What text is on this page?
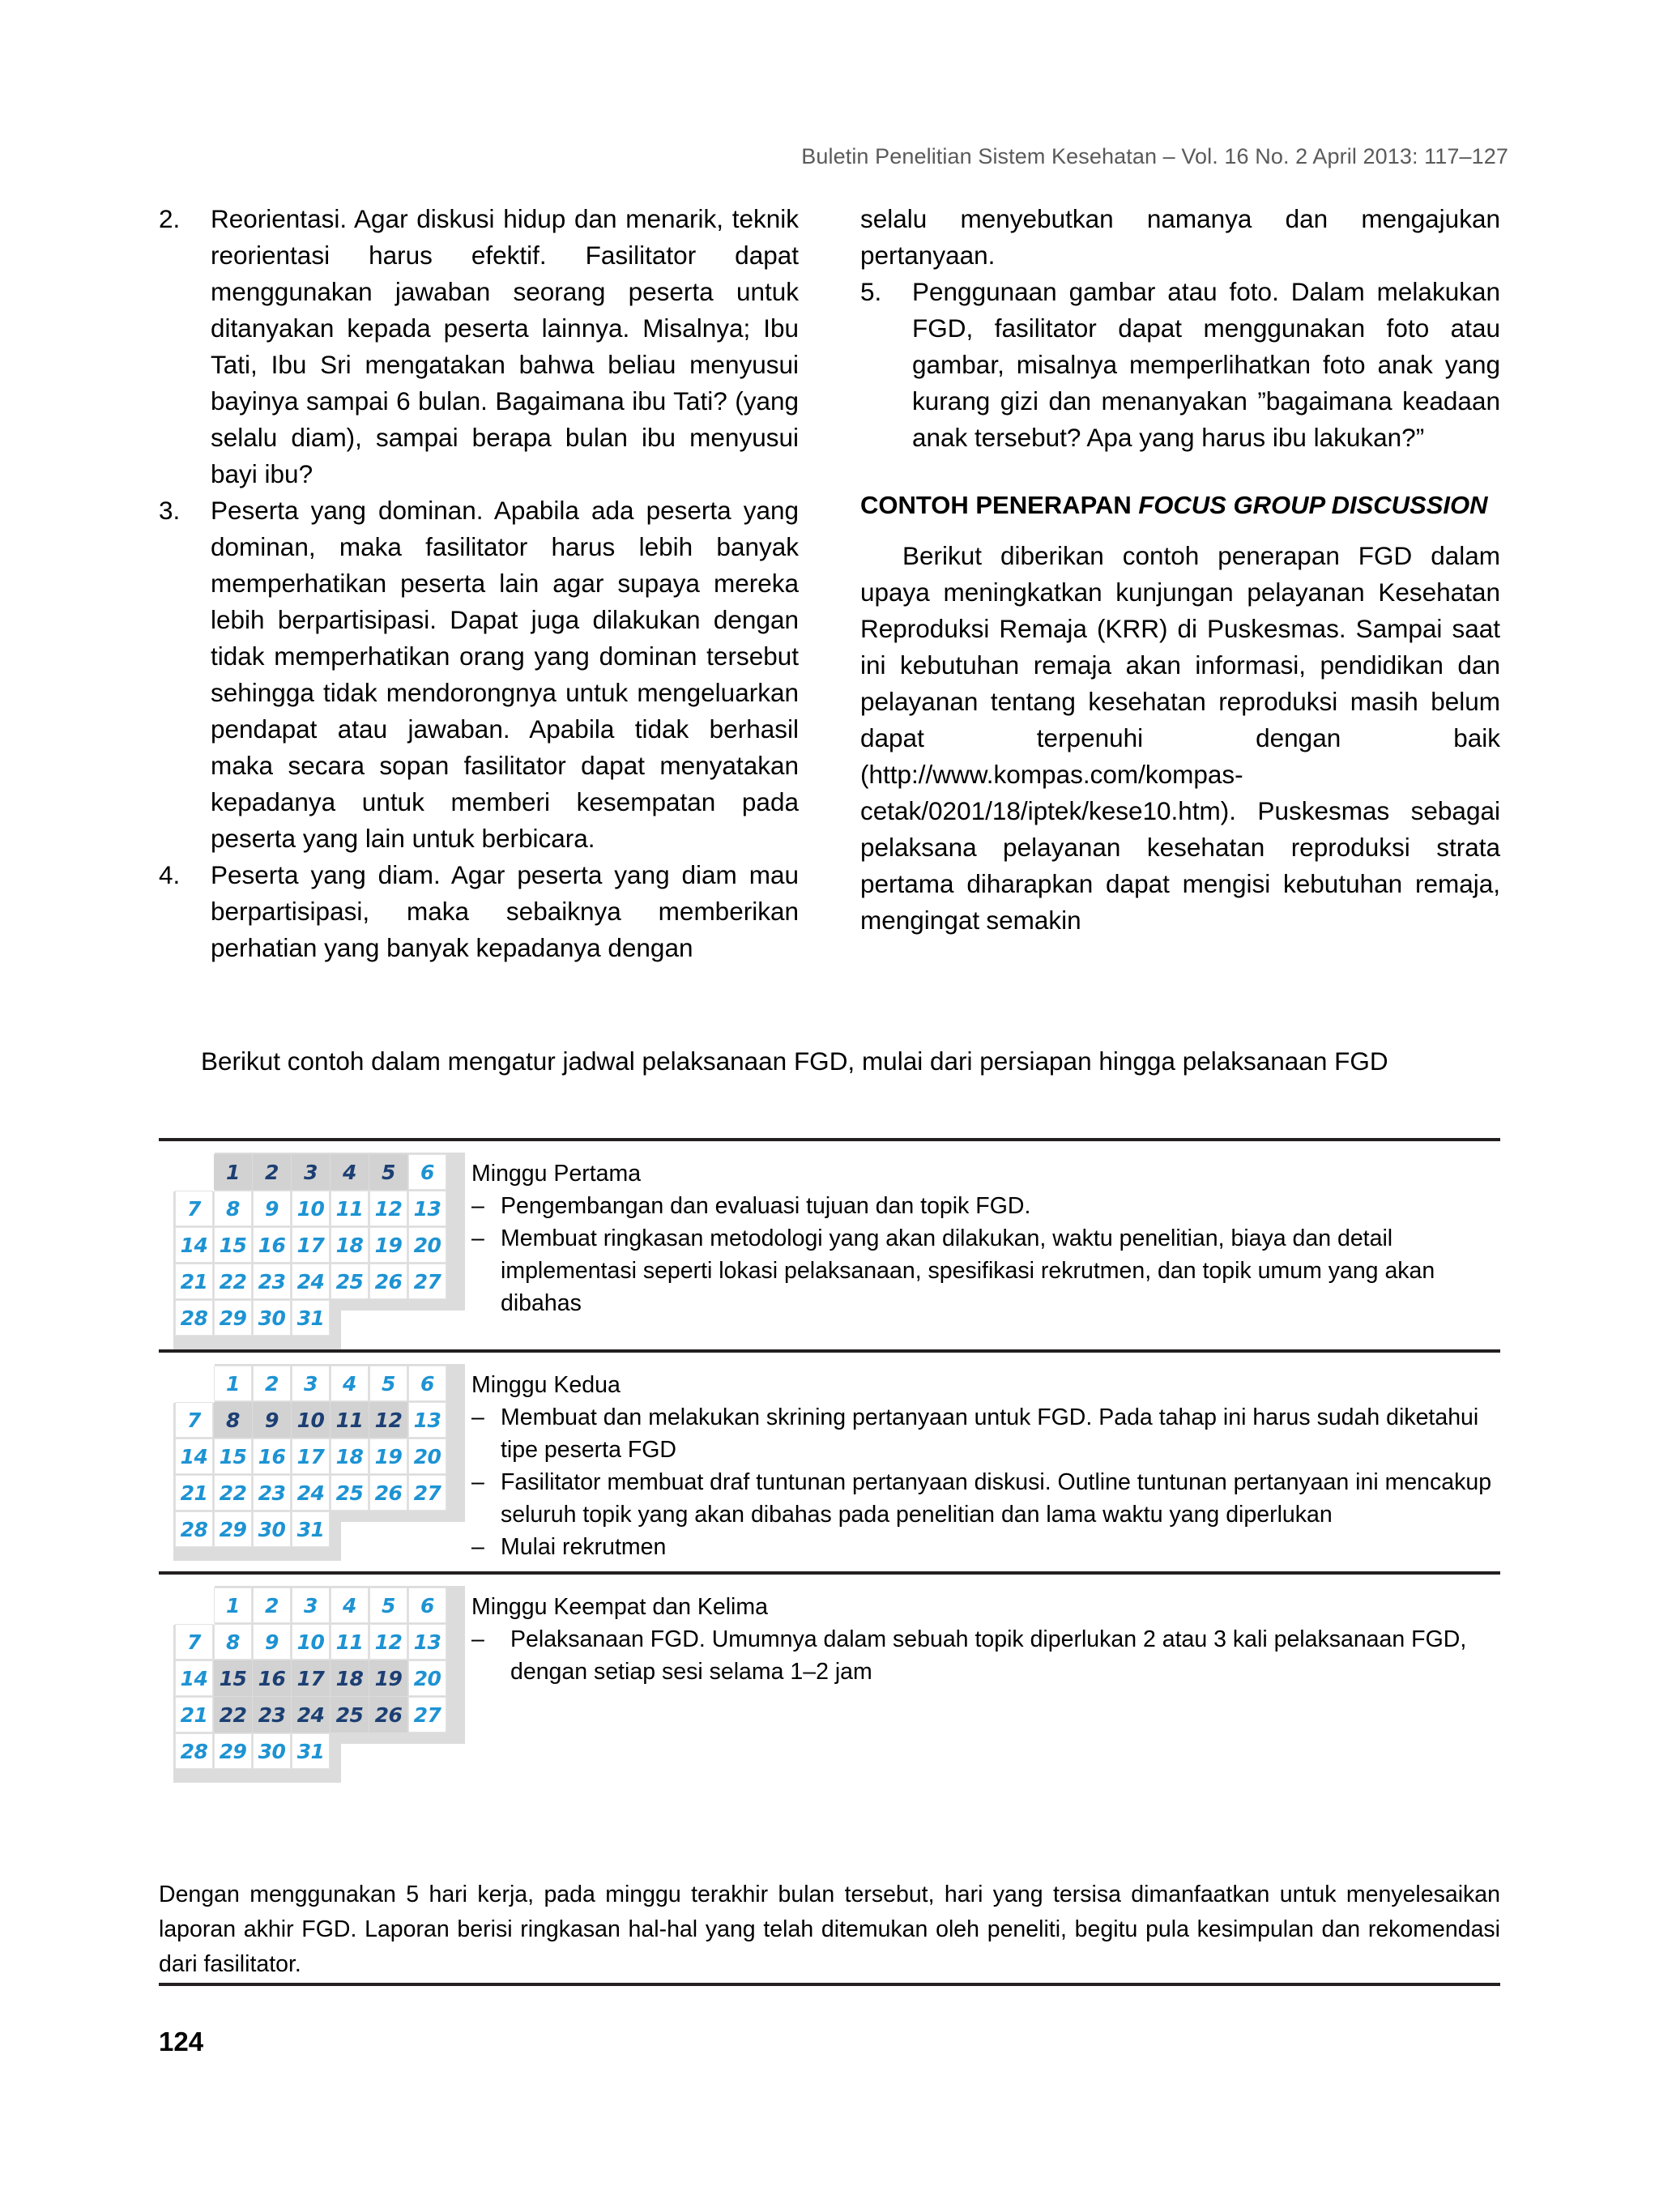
Buletin Penelitian Sistem Kesehatan – Vol. 16 No. 2 April 2013: 117–127
2.	Reorientasi. Agar diskusi hidup dan menarik, teknik reorientasi harus efektif. Fasilitator dapat menggunakan jawaban seorang peserta untuk ditanyakan kepada peserta lainnya. Misalnya; Ibu Tati, Ibu Sri mengatakan bahwa beliau menyusui bayinya sampai 6 bulan. Bagaimana ibu Tati? (yang selalu diam), sampai berapa bulan ibu menyusui bayi ibu?
3.	Peserta yang dominan. Apabila ada peserta yang dominan, maka fasilitator harus lebih banyak memperhatikan peserta lain agar supaya mereka lebih berpartisipasi. Dapat juga dilakukan dengan tidak memperhatikan orang yang dominan tersebut sehingga tidak mendorongnya untuk mengeluarkan pendapat atau jawaban. Apabila tidak berhasil maka secara sopan fasilitator dapat menyatakan kepadanya untuk memberi kesempatan pada peserta yang lain untuk berbicara.
4.	Peserta yang diam. Agar peserta yang diam mau berpartisipasi, maka sebaiknya memberikan perhatian yang banyak kepadanya dengan

selalu menyebutkan namanya dan mengajukan pertanyaan.

5.	Penggunaan gambar atau foto. Dalam melakukan FGD, fasilitator dapat menggunakan foto atau gambar, misalnya memperlihatkan foto anak yang kurang gizi dan menanyakan ”bagaimana keadaan anak tersebut? Apa yang harus ibu lakukan?”
CONTOH PENERAPAN FOCUS GROUP DISCUSSION

Berikut diberikan contoh penerapan FGD dalam upaya meningkatkan kunjungan pelayanan Kesehatan Reproduksi Remaja (KRR) di Puskesmas. Sampai saat ini kebutuhan remaja akan informasi, pendidikan dan pelayanan tentang kesehatan reproduksi masih belum dapat terpenuhi dengan baik (http://www.kompas.com/kompas-cetak/0201/18/iptek/kese10.htm). Puskesmas sebagai pelaksana pelayanan kesehatan reproduksi strata pertama diharapkan dapat mengisi kebutuhan remaja, mengingat semakin

Berikut contoh dalam mengatur jadwal pelaksanaan FGD, mulai dari persiapan hingga pelaksanaan FGD
	1	2	3	4	5	6
7	8	9	10	11	12	13
14	15	16	17	18	19	20
21	22	23	24	25	26	27
28	29	30	31			
Minggu Pertama
– Pengembangan dan evaluasi tujuan dan topik FGD.
– Membuat ringkasan metodologi yang akan dilakukan, waktu penelitian, biaya dan detail implementasi seperti lokasi pelaksanaan, spesifikasi rekrutmen, dan topik umum yang akan dibahas
	1	2	3	4	5	6
7	8	9	10	11	12	13
14	15	16	17	18	19	20
21	22	23	24	25	26	27
28	29	30	31			
Minggu Kedua
– Membuat dan melakukan skrining pertanyaan untuk FGD. Pada tahap ini harus sudah diketahui tipe peserta FGD
– Fasilitator membuat draf tuntunan pertanyaan diskusi. Outline tuntunan pertanyaan ini mencakup seluruh topik yang akan dibahas pada penelitian dan lama waktu yang diperlukan
– Mulai rekrutmen
	1	2	3	4	5	6
7	8	9	10	11	12	13
14	15	16	17	18	19	20
21	22	23	24	25	26	27
28	29	30	31			
Minggu Keempat dan Kelima
– Pelaksanaan FGD. Umumnya dalam sebuah topik diperlukan 2 atau 3 kali pelaksanaan FGD, dengan setiap sesi selama 1–2 jam
Dengan menggunakan 5 hari kerja, pada minggu terakhir bulan tersebut, hari yang tersisa dimanfaatkan untuk menyelesaikan laporan akhir FGD. Laporan berisi ringkasan hal-hal yang telah ditemukan oleh peneliti, begitu pula kesimpulan dan rekomendasi dari fasilitator.
124
